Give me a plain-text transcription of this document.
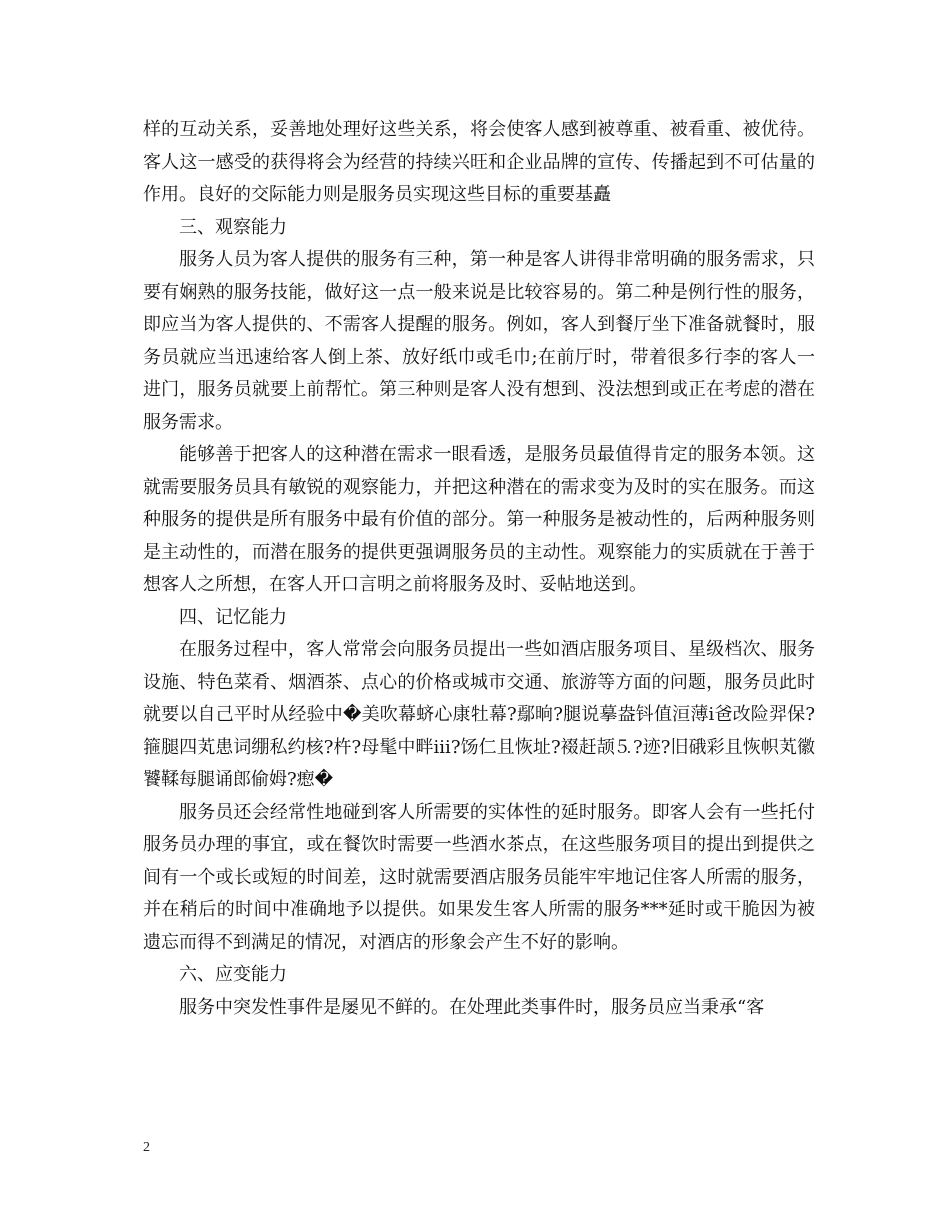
样的互动关系，妥善地处理好这些关系，将会使客人感到被尊重、被看重、被优待。客人这一感受的获得将会为经营的持续兴旺和企业品牌的宣传、传播起到不可估量的作用。良好的交际能力则是服务员实现这些目标的重要基矗

三、观察能力

服务人员为客人提供的服务有三种，第一种是客人讲得非常明确的服务需求，只要有娴熟的服务技能，做好这一点一般来说是比较容易的。第二种是例行性的服务，即应当为客人提供的、不需客人提醒的服务。例如，客人到餐厅坐下准备就餐时，服务员就应当迅速给客人倒上茶、放好纸巾或毛巾;在前厅时，带着很多行李的客人一进门，服务员就要上前帮忙。第三种则是客人没有想到、没法想到或正在考虑的潜在服务需求。

能够善于把客人的这种潜在需求一眼看透，是服务员最值得肯定的服务本领。这就需要服务员具有敏锐的观察能力，并把这种潜在的需求变为及时的实在服务。而这种服务的提供是所有服务中最有价值的部分。第一种服务是被动性的，后两种服务则是主动性的，而潜在服务的提供更强调服务员的主动性。观察能力的实质就在于善于想客人之所想，在客人开口言明之前将服务及时、妥帖地送到。

四、记忆能力

在服务过程中，客人常常会向服务员提出一些如酒店服务项目、星级档次、服务设施、特色菜肴、烟酒茶、点心的价格或城市交通、旅游等方面的问题，服务员此时就要以自己平时从经验中�美吹幕蛴心康牡幕?鄢晌?腿说摹盎钭值洹薄ⅰ爸改险羿保?箍腿四芄患词绷私约核?杵?母髦中畔ⅲ?饧仁且恢址?裰赶颉⒌?迹?旧硪彩且恢帜芄徽饕鞣每腿诵郎偷姆?瘛�

服务员还会经常性地碰到客人所需要的实体性的延时服务。即客人会有一些托付服务员办理的事宜，或在餐饮时需要一些酒水茶点，在这些服务项目的提出到提供之间有一个或长或短的时间差，这时就需要酒店服务员能牢牢地记住客人所需的服务，并在稍后的时间中准确地予以提供。如果发生客人所需的服务***延时或干脆因为被遗忘而得不到满足的情况，对酒店的形象会产生不好的影响。

六、应变能力

服务中突发性事件是屡见不鲜的。在处理此类事件时，服务员应当秉承“客

2
